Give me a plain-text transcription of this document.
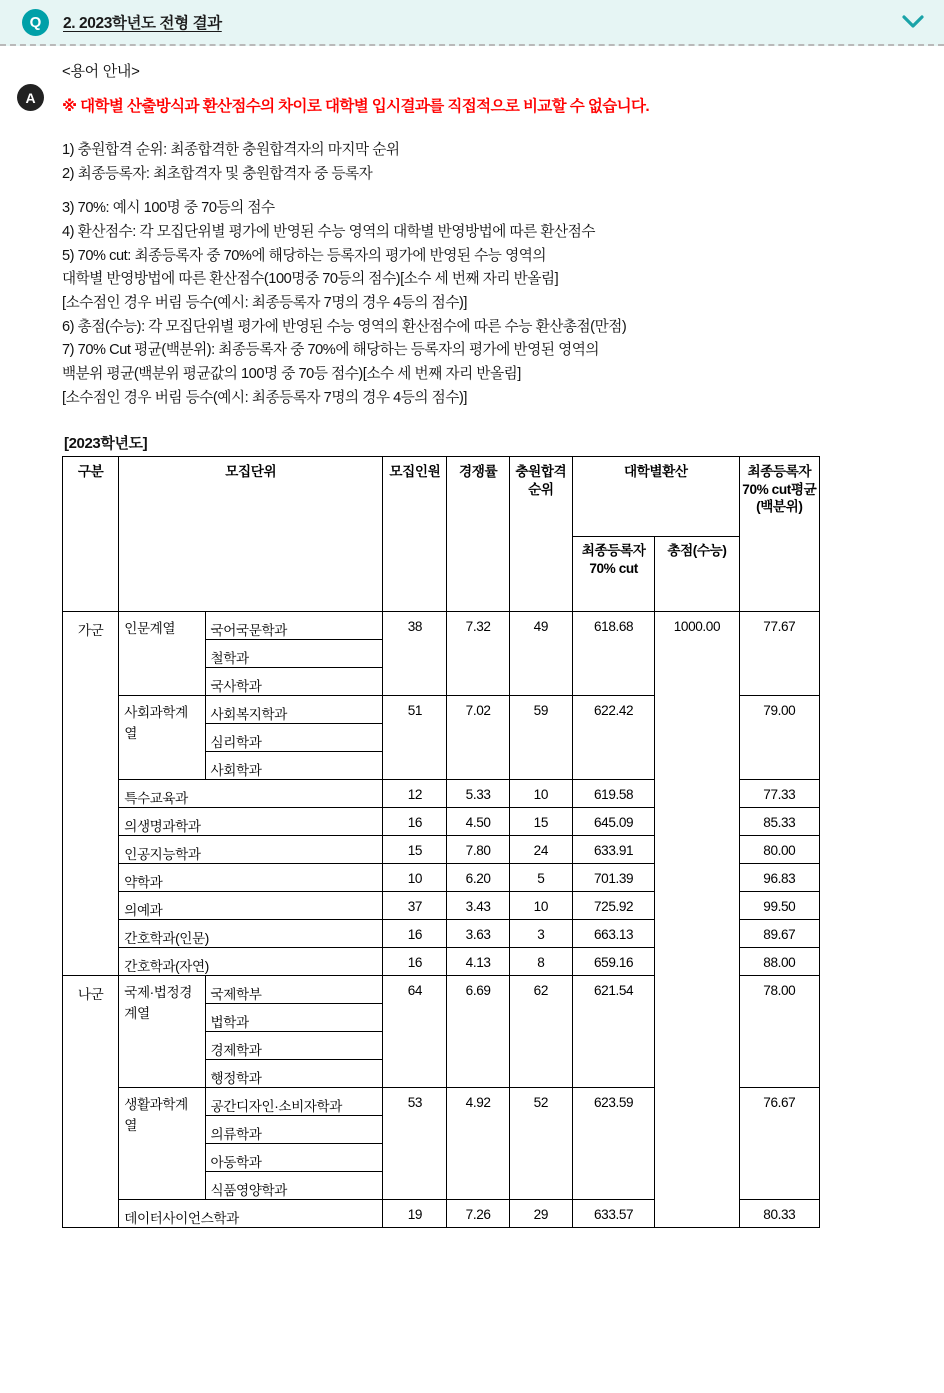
Q	2. 2023학년도 전형 결과
A
<용어 안내>
※ 대학별 산출방식과 환산점수의 차이로 대학별 입시결과를 직접적으로 비교할 수 없습니다.
1) 충원합격 순위: 최종합격한 충원합격자의 마지막 순위
2) 최종등록자: 최초합격자 및 충원합격자 중 등록자
3) 70%: 예시 100명 중 70등의 점수
4) 환산점수: 각 모집단위별 평가에 반영된 수능 영역의 대학별 반영방법에 따른 환산점수
5) 70% cut: 최종등록자 중 70%에 해당하는 등록자의 평가에 반영된 수능 영역의
대학별 반영방법에 따른 환산점수(100명중 70등의 점수)[소수 세 번째 자리 반올림]
[소수점인 경우 버림 등수(예시: 최종등록자 7명의 경우 4등의 점수)]
6) 총점(수능): 각 모집단위별 평가에 반영된 수능 영역의 환산점수에 따른 수능 환산총점(만점)
7) 70% Cut 평균(백분위): 최종등록자 중 70%에 해당하는 등록자의 평가에 반영된 영역의
백분위 평균(백분위 평균값의 100명 중 70등 점수)[소수 세 번째 자리 반올림]
[소수점인 경우 버림 등수(예시: 최종등록자 7명의 경우 4등의 점수)]
[2023학년도]
구분	모집단위		모집인원	경쟁률	충원합격순위	대학별환산		최종등록자70% cut평균(백분위)
						최종등록자70% cut	총점(수능)	
가군	인문계열	국어국문학과	38	7.32	49	618.68	1000.00	77.67
		철학과						
		국사학과						
	사회과학계열	사회복지학과	51	7.02	59	622.42		79.00
		심리학과						
		사회학과						
	특수교육과		12	5.33	10	619.58		77.33
	의생명과학과		16	4.50	15	645.09		85.33
	인공지능학과		15	7.80	24	633.91		80.00
	약학과		10	6.20	5	701.39		96.83
	의예과		37	3.43	10	725.92		99.50
	간호학과(인문)		16	3.63	3	663.13		89.67
	간호학과(자연)		16	4.13	8	659.16		88.00
나군	국제·법정경계열	국제학부	64	6.69	62	621.54		78.00
		법학과						
		경제학과						
		행정학과						
	생활과학계열	공간디자인·소비자학과	53	4.92	52	623.59		76.67
		의류학과						
		아동학과						
		식품영양학과						
	데이터사이언스학과		19	7.26	29	633.57		80.33
